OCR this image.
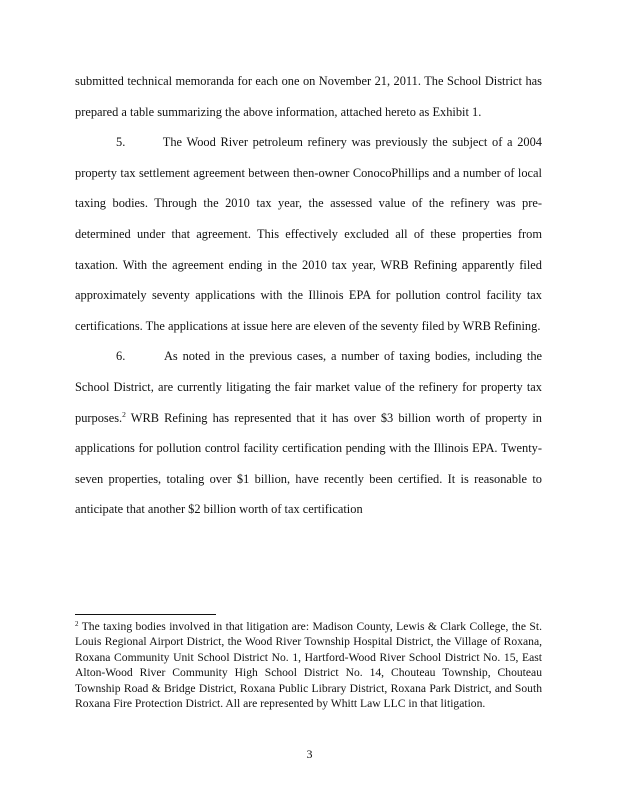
submitted technical memoranda for each one on November 21, 2011. The School District has prepared a table summarizing the above information, attached hereto as Exhibit 1.

5.	The Wood River petroleum refinery was previously the subject of a 2004 property tax settlement agreement between then-owner ConocoPhillips and a number of local taxing bodies. Through the 2010 tax year, the assessed value of the refinery was pre-determined under that agreement. This effectively excluded all of these properties from taxation. With the agreement ending in the 2010 tax year, WRB Refining apparently filed approximately seventy applications with the Illinois EPA for pollution control facility tax certifications. The applications at issue here are eleven of the seventy filed by WRB Refining.

6.	As noted in the previous cases, a number of taxing bodies, including the School District, are currently litigating the fair market value of the refinery for property tax purposes.$^2$ WRB Refining has represented that it has over $3 billion worth of property in applications for pollution control facility certification pending with the Illinois EPA. Twenty-seven properties, totaling over $1 billion, have recently been certified. It is reasonable to anticipate that another $2 billion worth of tax certification

$^2$ The taxing bodies involved in that litigation are: Madison County, Lewis & Clark College, the St. Louis Regional Airport District, the Wood River Township Hospital District, the Village of Roxana, Roxana Community Unit School District No. 1, Hartford-Wood River School District No. 15, East Alton-Wood River Community High School District No. 14, Chouteau Township, Chouteau Township Road & Bridge District, Roxana Public Library District, Roxana Park District, and South Roxana Fire Protection District. All are represented by Whitt Law LLC in that litigation.

3
